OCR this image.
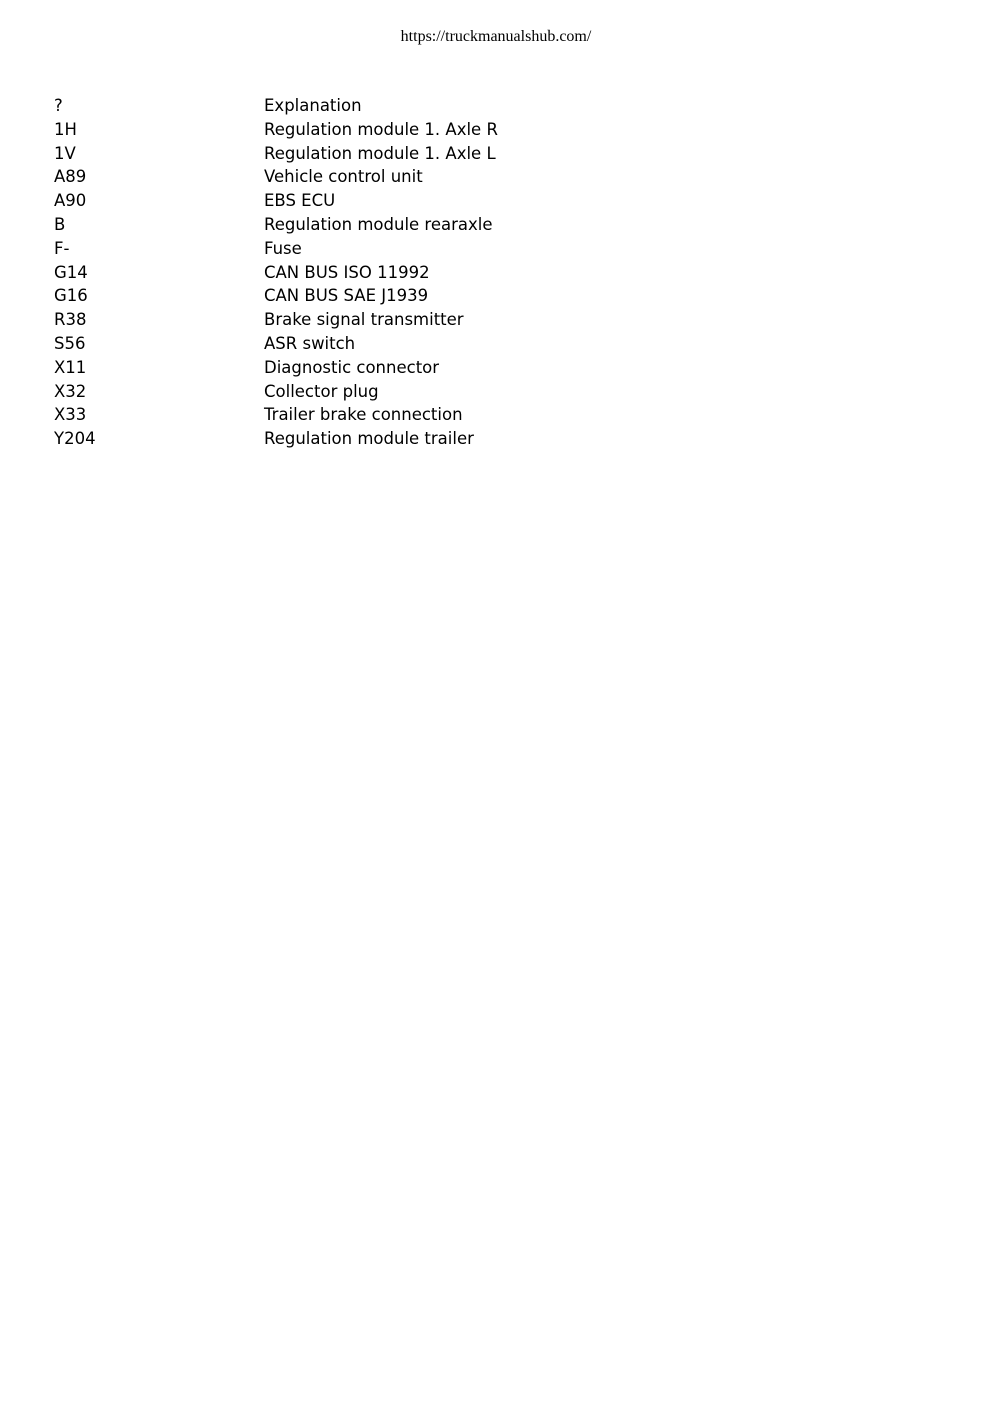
https://truckmanualshub.com/
?	Explanation
1H	Regulation module 1. Axle R
1V	Regulation module 1. Axle L
A89	Vehicle control unit
A90	EBS ECU
B	Regulation module rearaxle
F-	Fuse
G14	CAN BUS ISO 11992
G16	CAN BUS SAE J1939
R38	Brake signal transmitter
S56	ASR switch
X11	Diagnostic connector
X32	Collector plug
X33	Trailer brake connection
Y204	Regulation module trailer
